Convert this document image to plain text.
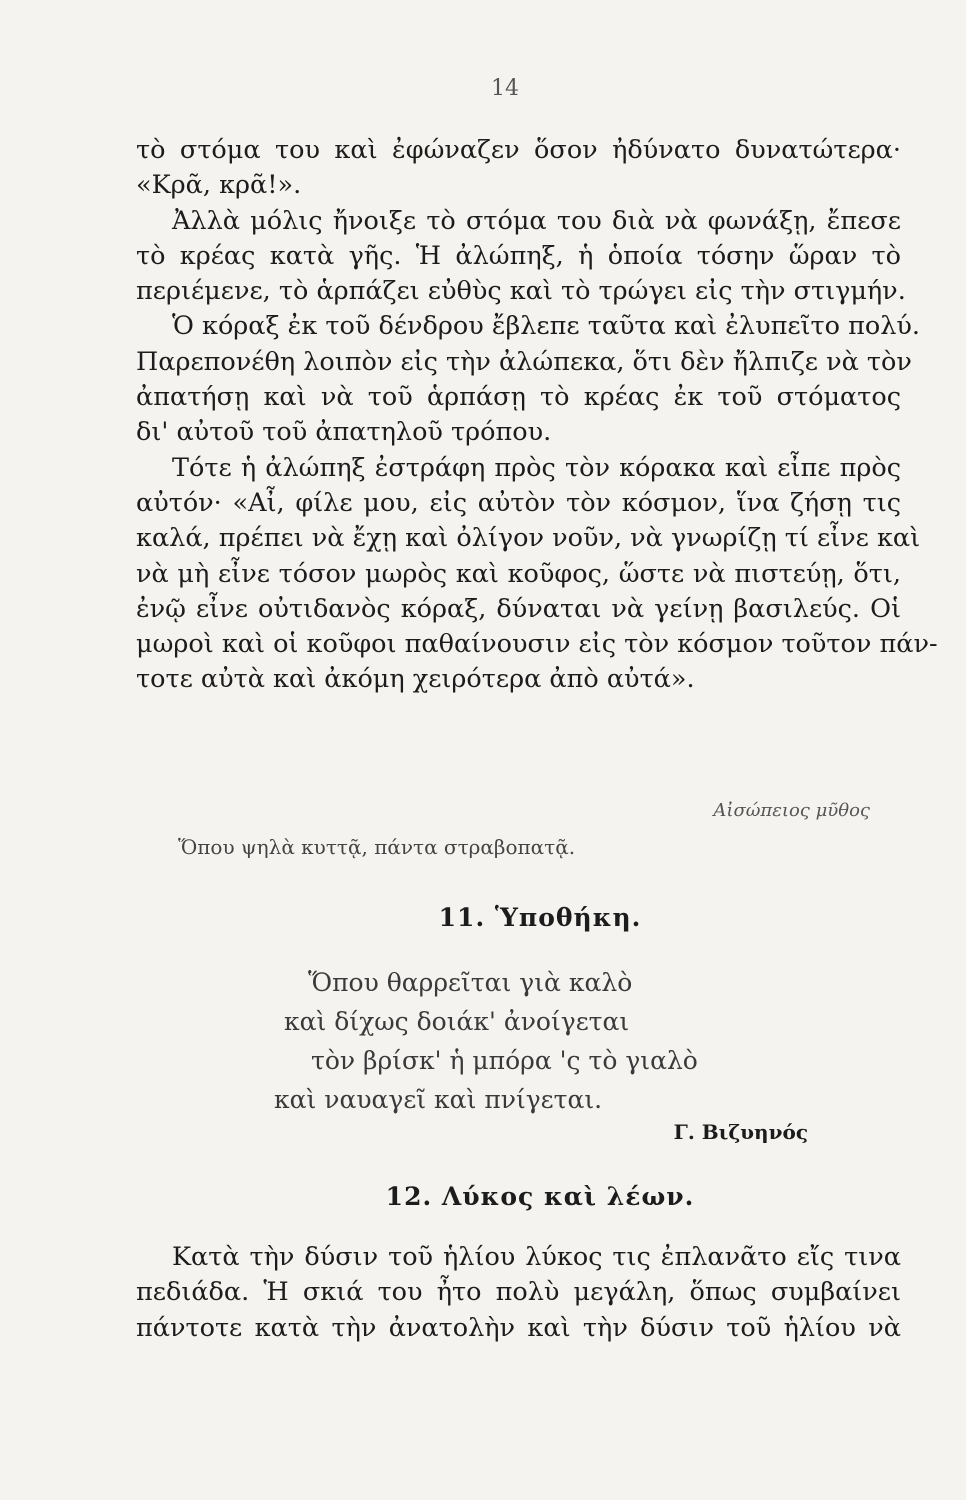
14
τὸ στόμα του καὶ ἐφώναζεν ὅσον ἠδύνατο δυνατώτερα·
«Κρᾶ, κρᾶ!».
Ἀλλὰ μόλις ἤνοιξε τὸ στόμα του διὰ νὰ φωνάξῃ, ἔπεσε
τὸ κρέας κατὰ γῆς. Ἡ ἀλώπηξ, ἡ ὁποία τόσην ὥραν τὸ
περιέμενε, τὸ ἁρπάζει εὐθὺς καὶ τὸ τρώγει εἰς τὴν στιγμήν.
Ὁ κόραξ ἐκ τοῦ δένδρου ἔβλεπε ταῦτα καὶ ἐλυπεῖτο πολύ.
Παρεπονέθη λοιπὸν εἰς τὴν ἀλώπεκα, ὅτι δὲν ἤλπιζε νὰ τὸν
ἀπατήσῃ καὶ νὰ τοῦ ἁρπάσῃ τὸ κρέας ἐκ τοῦ στόματος
δι' αὐτοῦ τοῦ ἀπατηλοῦ τρόπου.
Τότε ἡ ἀλώπηξ ἐστράφη πρὸς τὸν κόρακα καὶ εἶπε πρὸς
αὐτόν· «Αἶ, φίλε μου, εἰς αὐτὸν τὸν κόσμον, ἵνα ζήσῃ τις
καλά, πρέπει νὰ ἔχῃ καὶ ὀλίγον νοῦν, νὰ γνωρίζῃ τί εἶνε καὶ
νὰ μὴ εἶνε τόσον μωρὸς καὶ κοῦφος, ὥστε νὰ πιστεύῃ, ὅτι,
ἐνῷ εἶνε οὐτιδανὸς κόραξ, δύναται νὰ γείνῃ βασιλεύς. Οἱ
μωροὶ καὶ οἱ κοῦφοι παθαίνουσιν εἰς τὸν κόσμον τοῦτον πάν-
τοτε αὐτὰ καὶ ἀκόμη χειρότερα ἀπὸ αὐτά».
Αἰσώπειος μῦθος
Ὅπου ψηλὰ κυττᾷ, πάντα στραβοπατᾷ.
11. Ὑποθήκη.
Ὅπου θαρρεῖται γιὰ καλὸ
καὶ δίχως δοιάκ' ἀνοίγεται
τὸν βρίσκ' ἡ μπόρα 'ς τὸ γιαλὸ
καὶ ναυαγεῖ καὶ πνίγεται.
Γ. Βιζυηνός
12. Λύκος καὶ λέων.
Κατὰ τὴν δύσιν τοῦ ἡλίου λύκος τις ἐπλανᾶτο εἴς τινα
πεδιάδα. Ἡ σκιά του ἦτο πολὺ μεγάλη, ὅπως συμβαίνει
πάντοτε κατὰ τὴν ἀνατολὴν καὶ τὴν δύσιν τοῦ ἡλίου νὰ
